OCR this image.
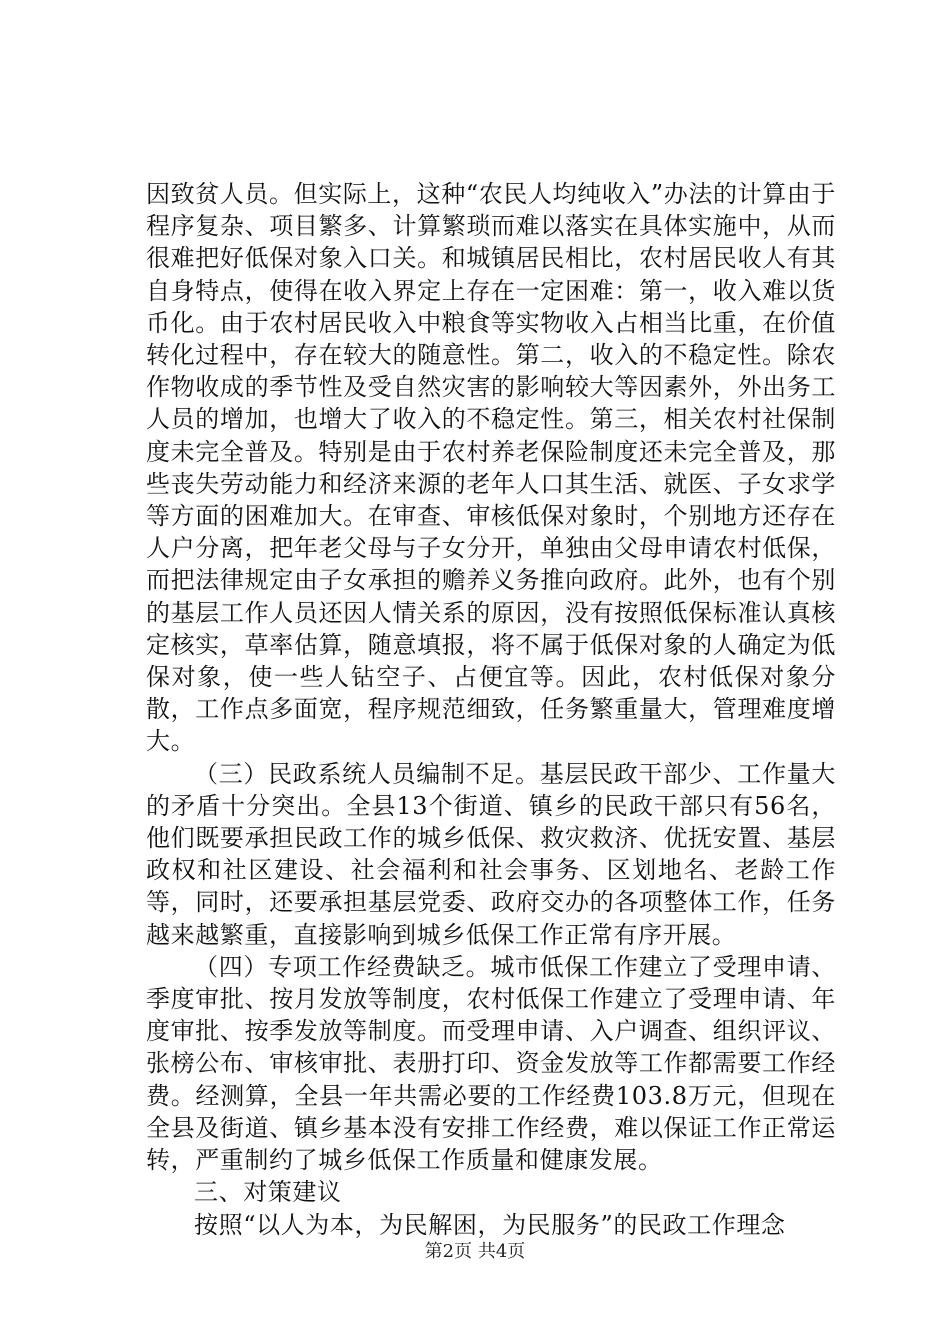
因致贫人员。但实际上，这种“农民人均纯收入”办法的计算由于程序复杂、项目繁多、计算繁琐而难以落实在具体实施中，从而很难把好低保对象入口关。和城镇居民相比，农村居民收人有其自身特点，使得在收入界定上存在一定困难：第一，收入难以货币化。由于农村居民收入中粮食等实物收入占相当比重，在价值转化过程中，存在较大的随意性。第二，收入的不稳定性。除农作物收成的季节性及受自然灾害的影响较大等因素外，外出务工人员的增加，也增大了收入的不稳定性。第三，相关农村社保制度未完全普及。特别是由于农村养老保险制度还未完全普及，那些丧失劳动能力和经济来源的老年人口其生活、就医、子女求学等方面的困难加大。在审查、审核低保对象时，个别地方还存在人户分离，把年老父母与子女分开，单独由父母申请农村低保，而把法律规定由子女承担的赡养义务推向政府。此外，也有个别的基层工作人员还因人情关系的原因，没有按照低保标准认真核定核实，草率估算，随意填报，将不属于低保对象的人确定为低保对象，使一些人钻空子、占便宜等。因此，农村低保对象分散，工作点多面宽，程序规范细致，任务繁重量大，管理难度增大。

（三）民政系统人员编制不足。基层民政干部少、工作量大的矛盾十分突出。全县13个街道、镇乡的民政干部只有56名，他们既要承担民政工作的城乡低保、救灾救济、优抚安置、基层政权和社区建设、社会福利和社会事务、区划地名、老龄工作等，同时，还要承担基层党委、政府交办的各项整体工作，任务越来越繁重，直接影响到城乡低保工作正常有序开展。

（四）专项工作经费缺乏。城市低保工作建立了受理申请、季度审批、按月发放等制度，农村低保工作建立了受理申请、年度审批、按季发放等制度。而受理申请、入户调查、组织评议、张榜公布、审核审批、表册打印、资金发放等工作都需要工作经费。经测算，全县一年共需必要的工作经费103.8万元，但现在全县及街道、镇乡基本没有安排工作经费，难以保证工作正常运转，严重制约了城乡低保工作质量和健康发展。

三、对策建议

按照“以人为本，为民解困，为民服务”的民政工作理念

第2页 共4页
